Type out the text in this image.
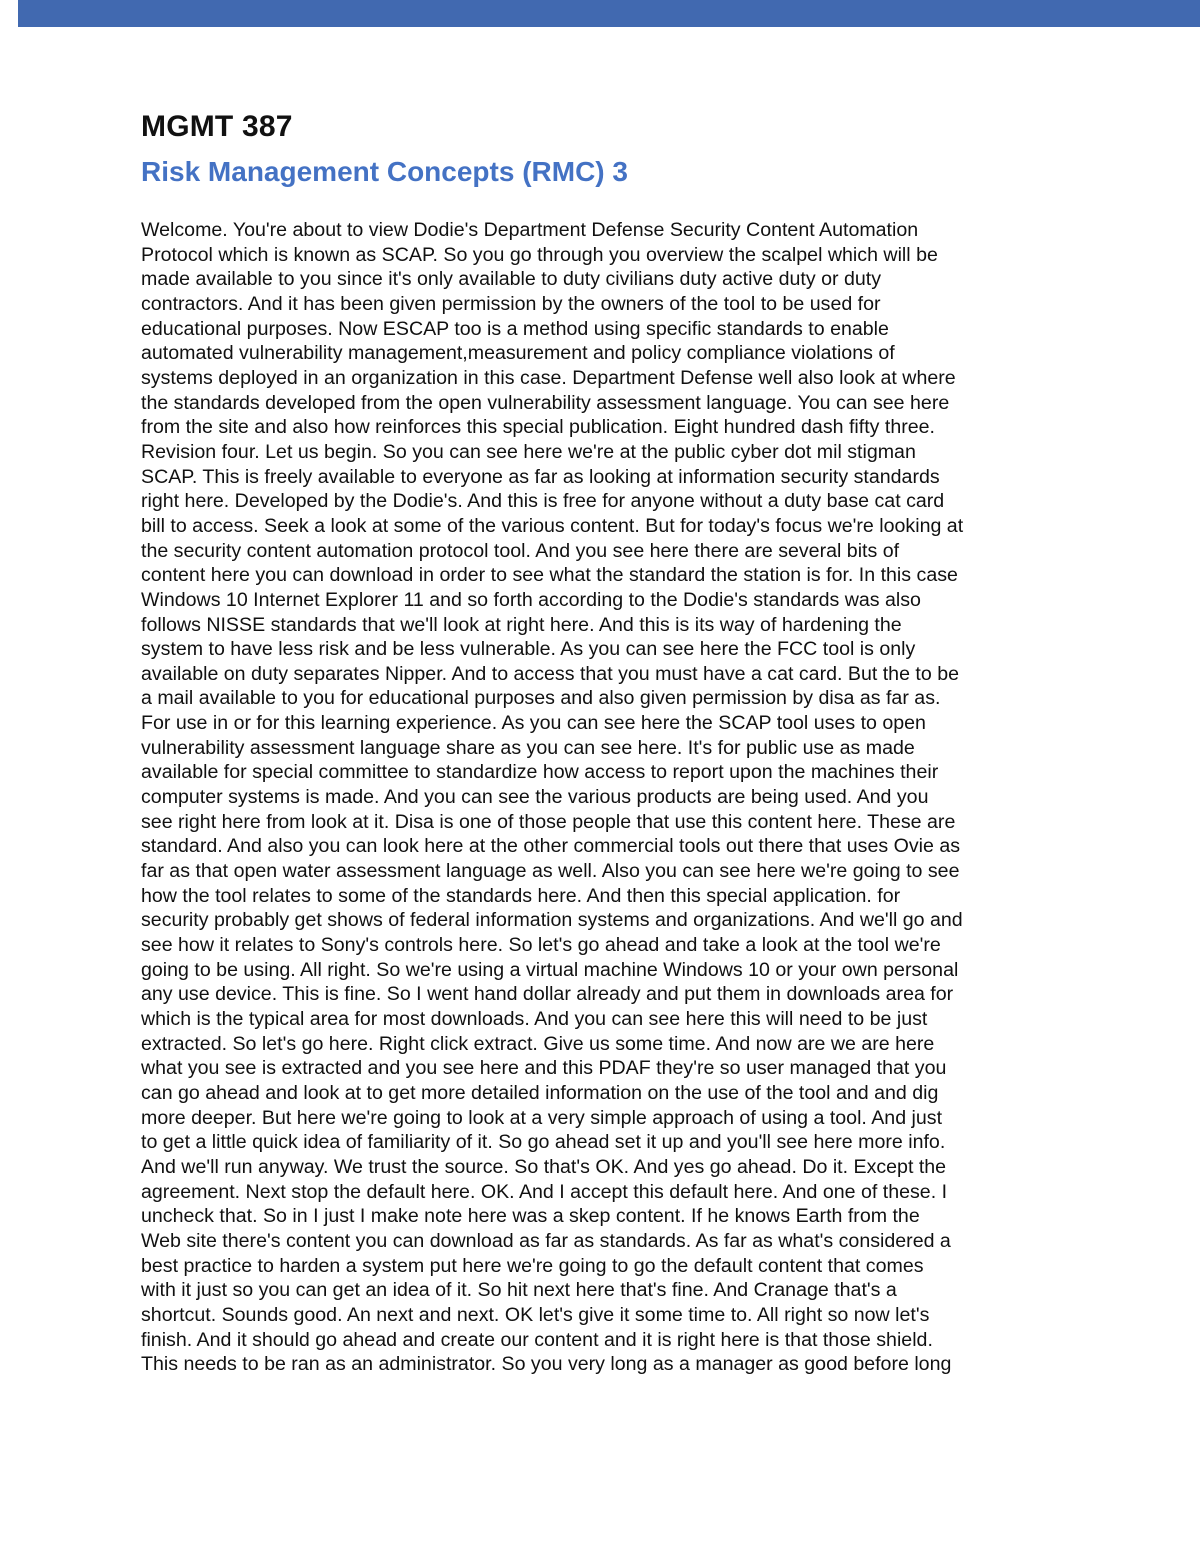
MGMT 387
Risk Management Concepts (RMC) 3
Welcome. You're about to view Dodie's Department Defense Security Content Automation
Protocol which is known as SCAP. So you go through you overview the scalpel which will be
made available to you since it's only available to duty civilians duty active duty or duty
contractors. And it has been given permission by the owners of the tool to be used for
educational purposes. Now ESCAP too is a method using specific standards to enable
automated vulnerability management,measurement and policy compliance violations of
systems deployed in an organization in this case. Department Defense well also look at where
the standards developed from the open vulnerability assessment language. You can see here
from the site and also how reinforces this special publication. Eight hundred dash fifty three.
Revision four. Let us begin. So you can see here we're at the public cyber dot mil stigman
SCAP. This is freely available to everyone as far as looking at information security standards
right here. Developed by the Dodie's. And this is free for anyone without a duty base cat card
bill to access. Seek a look at some of the various content. But for today's focus we're looking at
the security content automation protocol tool. And you see here there are several bits of
content here you can download in order to see what the standard the station is for. In this case
Windows 10 Internet Explorer 11 and so forth according to the Dodie's standards was also
follows NISSE standards that we'll look at right here. And this is its way of hardening the
system to have less risk and be less vulnerable. As you can see here the FCC tool is only
available on duty separates Nipper. And to access that you must have a cat card. But the to be
a mail available to you for educational purposes and also given permission by disa as far as.
For use in or for this learning experience. As you can see here the SCAP tool uses to open
vulnerability assessment language share as you can see here. It's for public use as made
available for special committee to standardize how access to report upon the machines their
computer systems is made. And you can see the various products are being used. And you
see right here from look at it. Disa is one of those people that use this content here. These are
standard. And also you can look here at the other commercial tools out there that uses Ovie as
far as that open water assessment language as well. Also you can see here we're going to see
how the tool relates to some of the standards here. And then this special application. for
security probably get shows of federal information systems and organizations. And we'll go and
see how it relates to Sony's controls here. So let's go ahead and take a look at the tool we're
going to be using. All right. So we're using a virtual machine Windows 10 or your own personal
any use device. This is fine. So I went hand dollar already and put them in downloads area for
which is the typical area for most downloads. And you can see here this will need to be just
extracted. So let's go here. Right click extract. Give us some time. And now are we are here
what you see is extracted and you see here and this PDAF they're so user managed that you
can go ahead and look at to get more detailed information on the use of the tool and and dig
more deeper. But here we're going to look at a very simple approach of using a tool. And just
to get a little quick idea of familiarity of it. So go ahead set it up and you'll see here more info.
And we'll run anyway. We trust the source. So that's OK. And yes go ahead. Do it. Except the
agreement. Next stop the default here. OK. And I accept this default here. And one of these. I
uncheck that. So in I just I make note here was a skep content. If he knows Earth from the
Web site there's content you can download as far as standards. As far as what's considered a
best practice to harden a system put here we're going to go the default content that comes
with it just so you can get an idea of it. So hit next here that's fine. And Cranage that's a
shortcut. Sounds good. An next and next. OK let's give it some time to. All right so now let's
finish. And it should go ahead and create our content and it is right here is that those shield.
This needs to be ran as an administrator. So you very long as a manager as good before long
